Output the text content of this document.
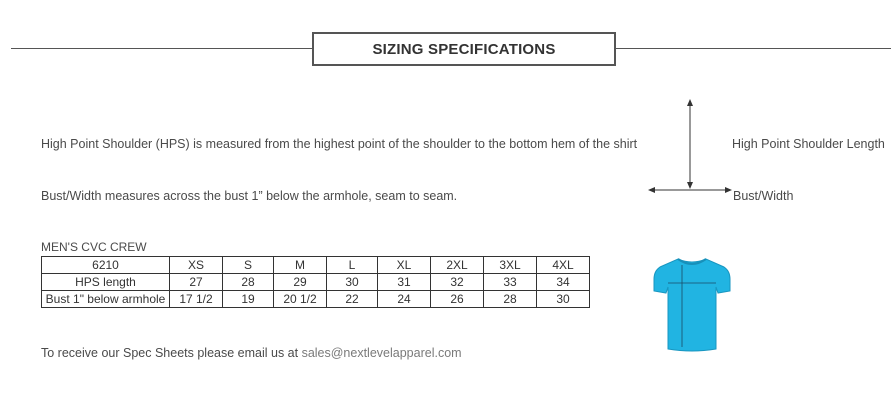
SIZING SPECIFICATIONS
High Point Shoulder (HPS) is measured from the highest point of the shoulder to the bottom hem of the shirt
Bust/Width measures across the bust 1” below the armhole, seam to seam.
High Point Shoulder Length
Bust/Width
MEN'S CVC CREW
6210	XS	S	M	L	XL	2XL	3XL	4XL
HPS length	27	28	29	30	31	32	33	34
Bust 1" below armhole	17 1/2	19	20 1/2	22	24	26	28	30
To receive our Spec Sheets please email us at sales@nextlevelapparel.com
